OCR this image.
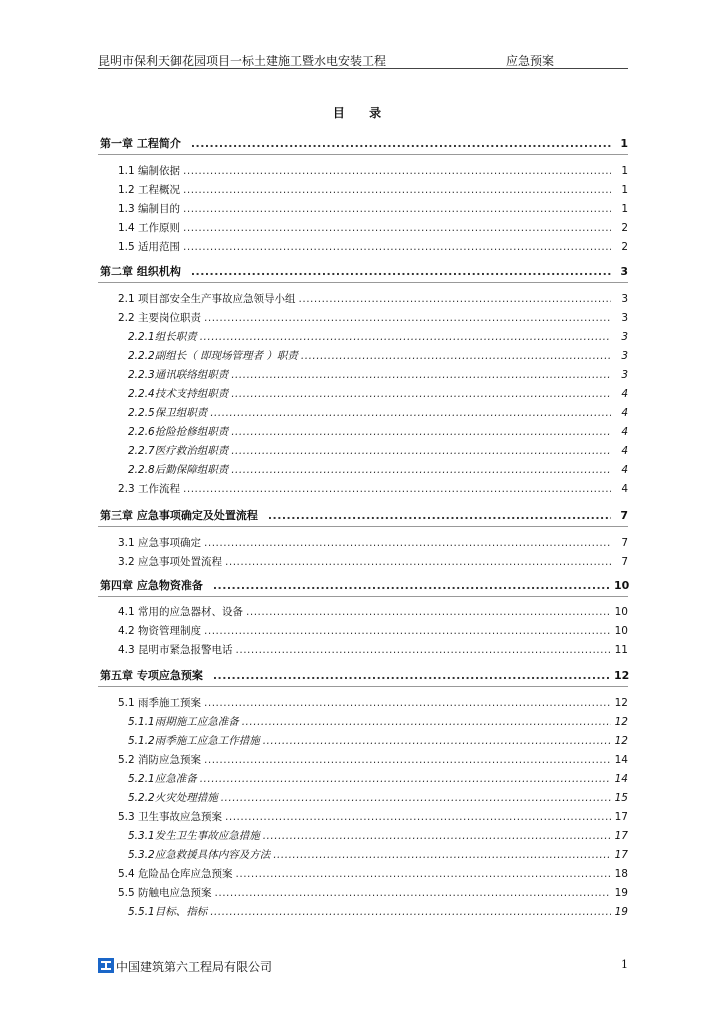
昆明市保利天御花园项目一标土建施工暨水电安装工程	应急预案
目 录
第一章 工程简介 .....	1
1.1 编制依据 .....	1
1.2 工程概况 .....	1
1.3 编制目的 .....	1
1.4 工作原则 .....	2
1.5 适用范围 .....	2
第二章 组织机构 .....	3
2.1 项目部安全生产事故应急领导小组 .....	3
2.2 主要岗位职责 .....	3
2.2.1组长职责 .....	3
2.2.2副组长（ 即现场管理者 ）职责 .....	3
2.2.3通讯联络组职责 .....	3
2.2.4技术支持组职责 .....	4
2.2.5保卫组职责 .....	4
2.2.6抢险抢修组职责 .....	4
2.2.7医疗救治组职责 .....	4
2.2.8后勤保障组职责 .....	4
2.3 工作流程 .....	4
第三章 应急事项确定及处置流程 .....	7
3.1 应急事项确定 .....	7
3.2 应急事项处置流程 .....	7
第四章 应急物资准备 .....	10
4.1 常用的应急器材、设备 .....	10
4.2 物资管理制度 .....	10
4.3 昆明市紧急报警电话 .....	11
第五章 专项应急预案 .....	12
5.1 雨季施工预案 .....	12
5.1.1雨期施工应急准备 .....	12
5.1.2雨季施工应急工作措施 .....	12
5.2 消防应急预案 .....	14
5.2.1应急准备 .....	14
5.2.2火灾处理措施 .....	15
5.3 卫生事故应急预案 .....	17
5.3.1发生卫生事故应急措施 .....	17
5.3.2应急救援具体内容及方法 .....	17
5.4 危险品仓库应急预案 .....	18
5.5 防触电应急预案 .....	19
5.5.1目标、指标 .....	19
中国建筑第六工程局有限公司	1
